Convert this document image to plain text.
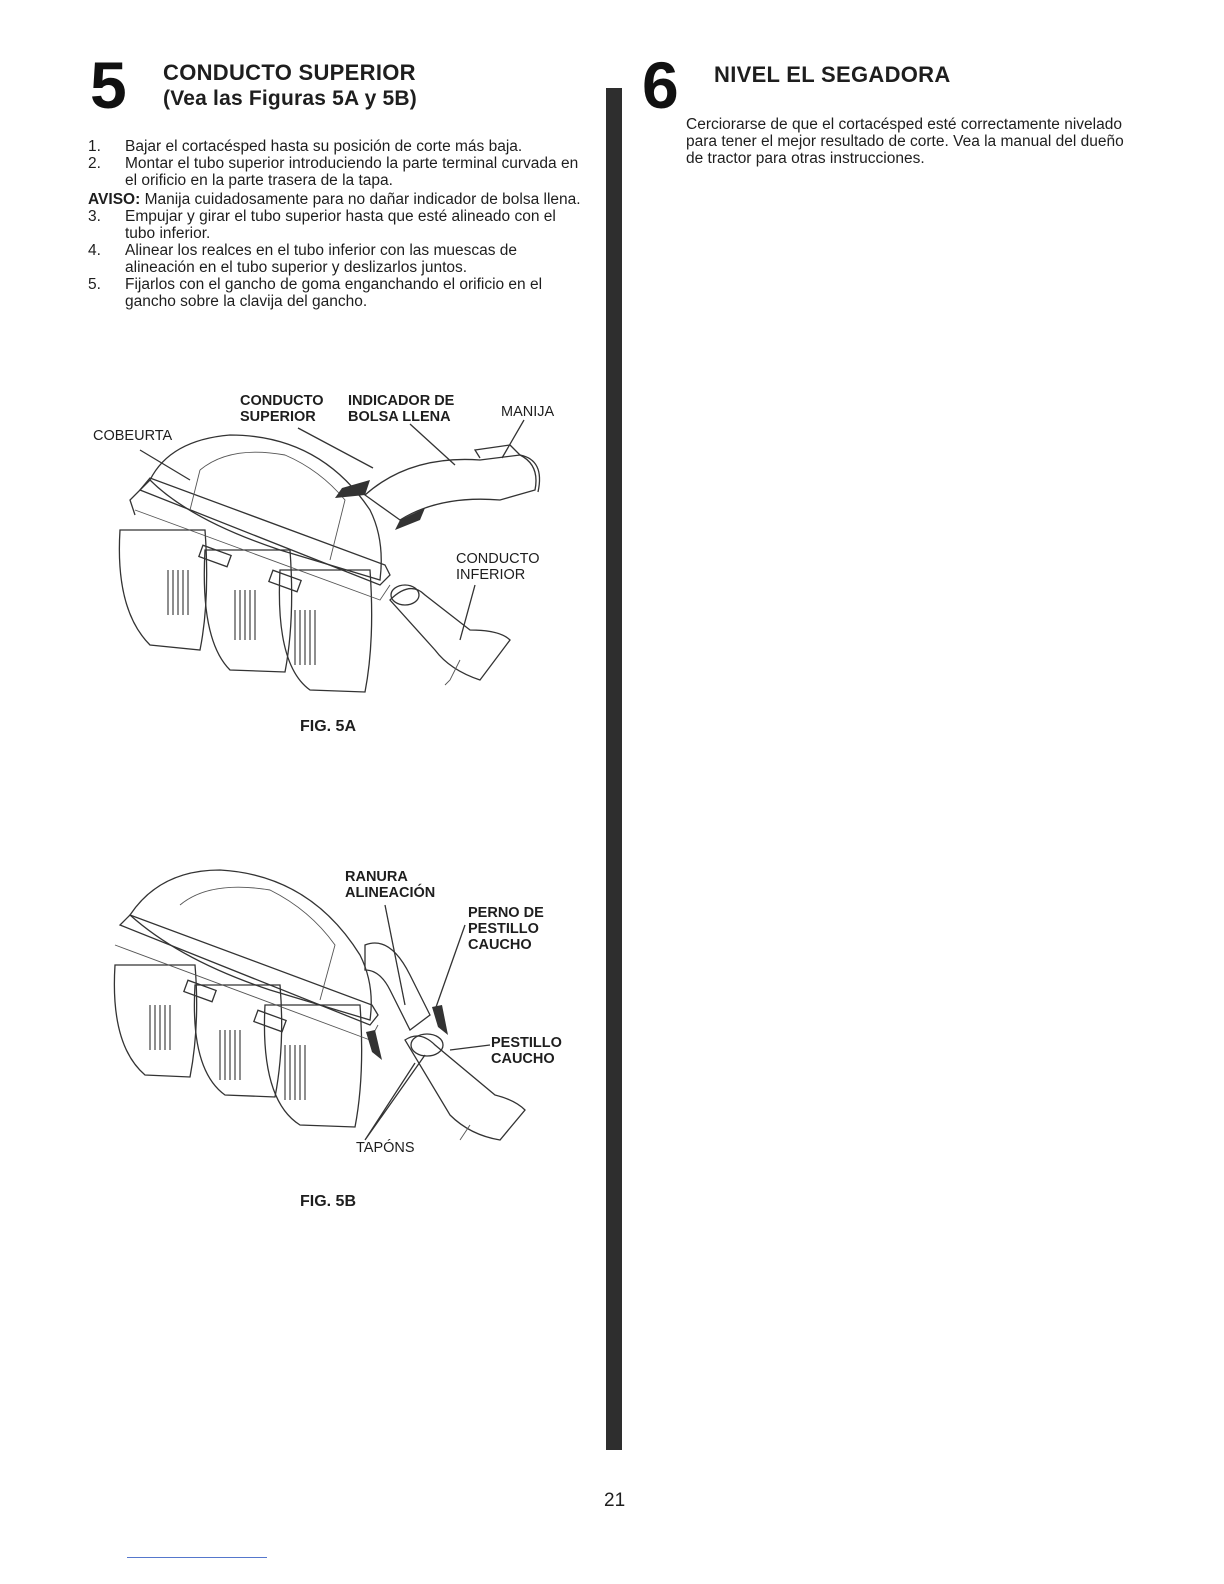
5 CONDUCTO SUPERIOR
(Vea las Figuras 5A y 5B)
1. Bajar el cortacésped hasta su posición de corte más baja.
2. Montar el tubo superior introduciendo la parte terminal curvada en el orificio en la parte trasera de la tapa.
AVISO: Manija cuidadosamente para no dañar indicador de bolsa llena.
3. Empujar y girar el tubo superior hasta que esté alineado con el tubo inferior.
4. Alinear los realces en el tubo inferior con las muescas de alineación en el tubo superior y deslizarlos juntos.
5. Fijarlos con el gancho de goma enganchando el orificio en el gancho sobre la clavija del gancho.
CONDUCTO
SUPERIOR
INDICADOR DE
BOLSA LLENA	MANIJA
COBEURTA
CONDUCTO
INFERIOR
FIG. 5A
RANURA
ALINEACIÓN
PERNO DE
PESTILLO
CAUCHO
PESTILLO
CAUCHO
TAPÓNS
FIG. 5B
6 NIVEL EL SEGADORA
Cerciorarse de que el cortacésped esté correctamente nivelado para tener el mejor resultado de corte. Vea la manual del dueño de tractor para otras instrucciones.
21
